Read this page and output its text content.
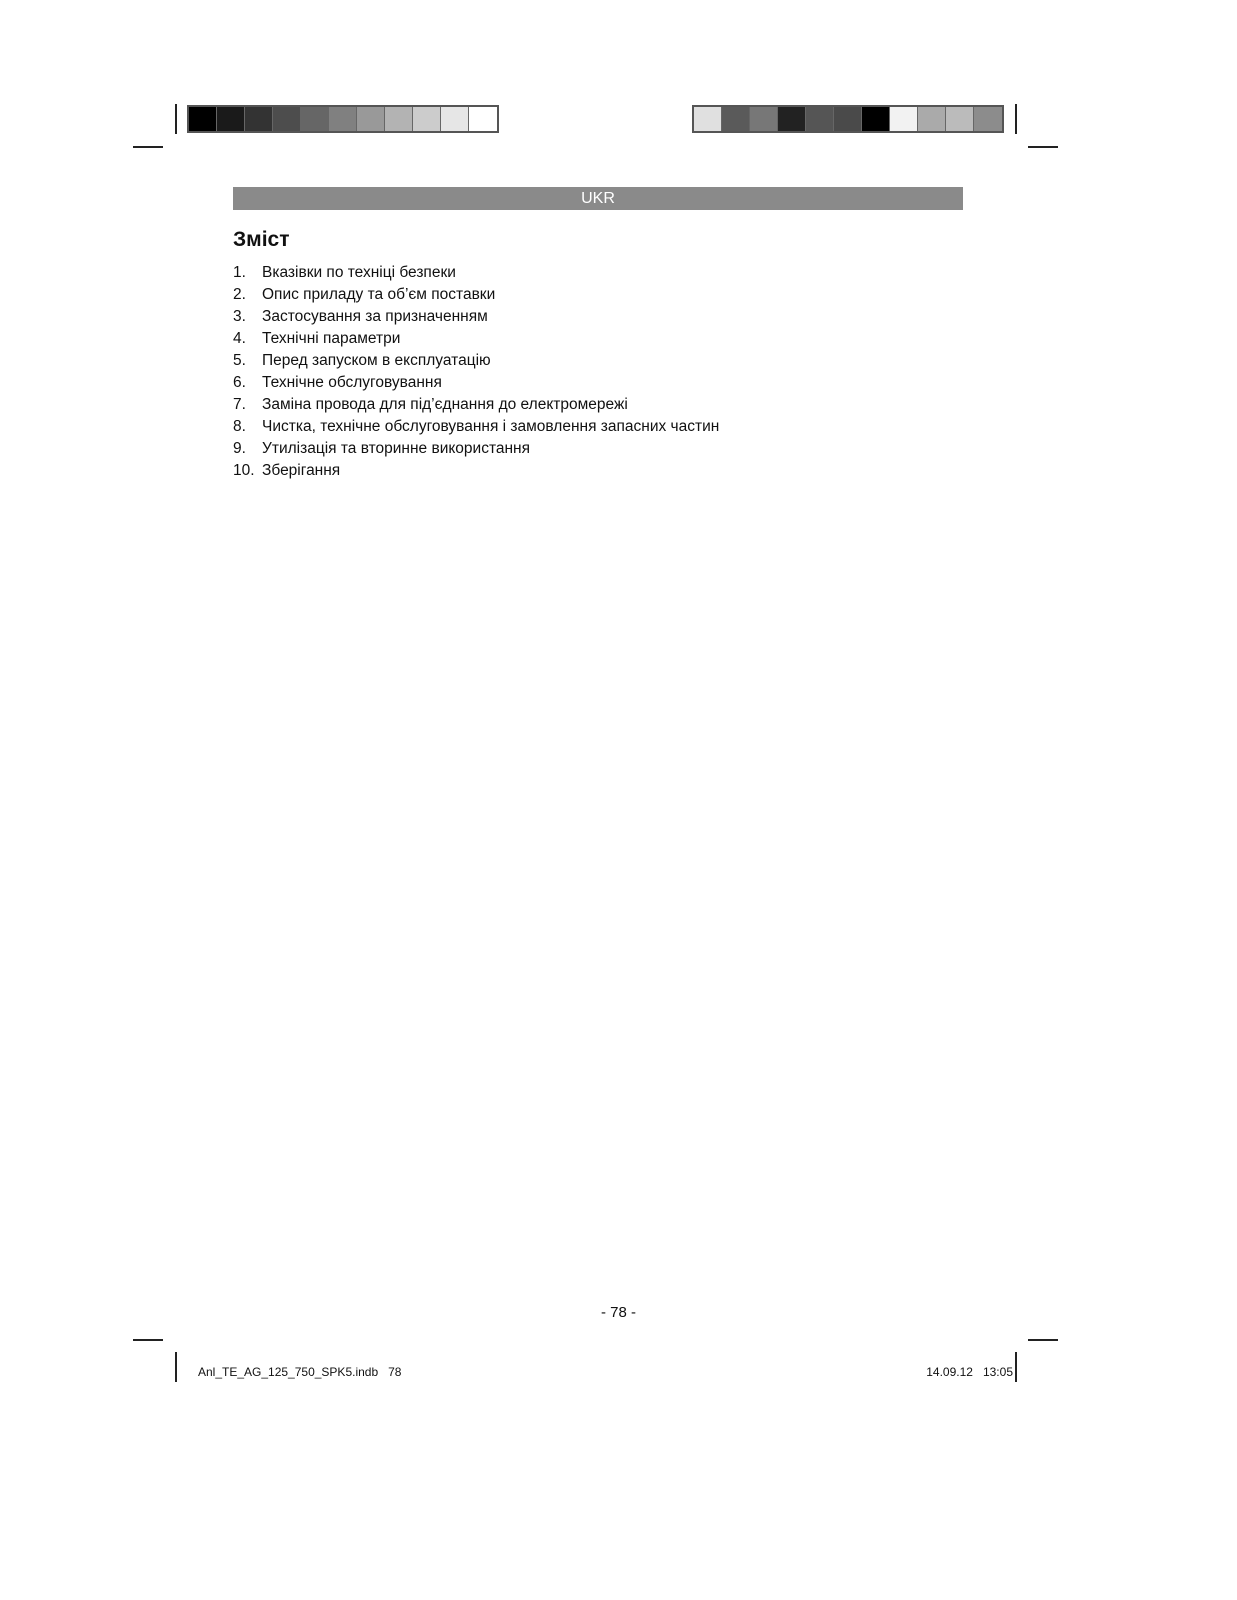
UKR
Зміст
1.	Вказівки по техніці безпеки
2.	Опис приладу та об’єм поставки
3.	Застосування за призначенням
4.	Технічні параметри
5.	Перед запуском в експлуатацію
6.	Технічне обслуговування
7.	Заміна провода для під’єднання до електромережі
8.	Чистка, технічне обслуговування і замовлення запасних частин
9.	Утилізація та вторинне використання
10. Зберігання
- 78 -
Anl_TE_AG_125_750_SPK5.indb   78	14.09.12   13:05
